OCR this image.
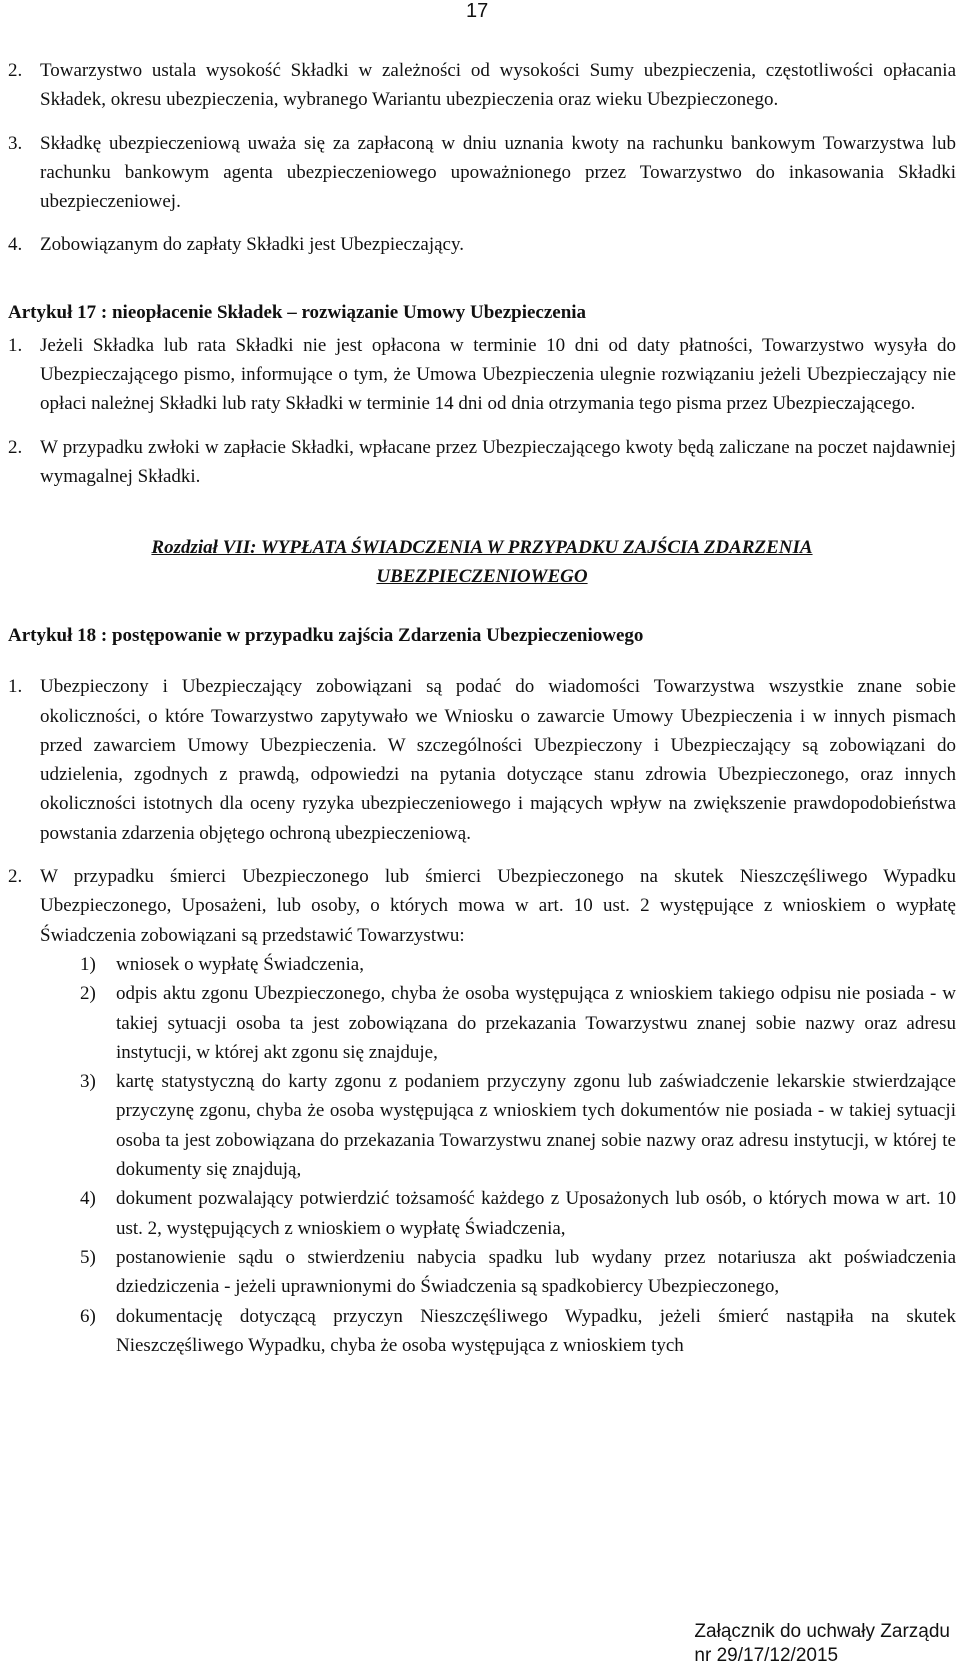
17
2. Towarzystwo ustala wysokość Składki w zależności od wysokości Sumy ubezpieczenia, częstotliwości opłacania Składek, okresu ubezpieczenia, wybranego Wariantu ubezpieczenia oraz wieku Ubezpieczonego.
3. Składkę ubezpieczeniową uważa się za zapłaconą w dniu uznania kwoty na rachunku bankowym Towarzystwa lub rachunku bankowym agenta ubezpieczeniowego upoważnionego przez Towarzystwo do inkasowania Składki ubezpieczeniowej.
4. Zobowiązanym do zapłaty Składki jest Ubezpieczający.
Artykuł 17 : nieopłacenie Składek – rozwiązanie Umowy Ubezpieczenia
1. Jeżeli Składka lub rata Składki nie jest opłacona w terminie 10 dni od daty płatności, Towarzystwo wysyła do Ubezpieczającego pismo, informujące o tym, że Umowa Ubezpieczenia ulegnie rozwiązaniu jeżeli Ubezpieczający nie opłaci należnej Składki lub raty Składki w terminie 14 dni od dnia otrzymania tego pisma przez Ubezpieczającego.
2. W przypadku zwłoki w zapłacie Składki, wpłacane przez Ubezpieczającego kwoty będą zaliczane na poczet najdawniej wymagalnej Składki.
Rozdział VII: WYPŁATA ŚWIADCZENIA W PRZYPADKU ZAJŚCIA ZDARZENIA
UBEZPIECZENIOWEGO
Artykuł 18 : postępowanie w przypadku zajścia Zdarzenia Ubezpieczeniowego
1. Ubezpieczony i Ubezpieczający zobowiązani są podać do wiadomości Towarzystwa wszystkie znane sobie okoliczności, o które Towarzystwo zapytywało we Wniosku o zawarcie Umowy Ubezpieczenia i w innych pismach przed zawarciem Umowy Ubezpieczenia. W szczególności Ubezpieczony i Ubezpieczający są zobowiązani do udzielenia, zgodnych z prawdą, odpowiedzi na pytania dotyczące stanu zdrowia Ubezpieczonego, oraz innych okoliczności istotnych dla oceny ryzyka ubezpieczeniowego i mających wpływ na zwiększenie prawdopodobieństwa powstania zdarzenia objętego ochroną ubezpieczeniową.
2. W przypadku śmierci Ubezpieczonego lub śmierci Ubezpieczonego na skutek Nieszczęśliwego Wypadku Ubezpieczonego, Uposażeni, lub osoby, o których mowa w art. 10 ust. 2 występujące z wnioskiem o wypłatę Świadczenia zobowiązani są przedstawić Towarzystwu:
1)	wniosek o wypłatę Świadczenia,
2)	odpis aktu zgonu Ubezpieczonego, chyba że osoba występująca z wnioskiem takiego odpisu nie posiada - w takiej sytuacji osoba ta jest zobowiązana do przekazania Towarzystwu znanej sobie nazwy oraz adresu instytucji, w której akt zgonu się znajduje,
3)	kartę statystyczną do karty zgonu z podaniem przyczyny zgonu lub zaświadczenie lekarskie stwierdzające przyczynę zgonu, chyba że osoba występująca z wnioskiem tych dokumentów nie posiada - w takiej sytuacji osoba ta jest zobowiązana do przekazania Towarzystwu znanej sobie nazwy oraz adresu instytucji, w której te dokumenty się znajdują,
4)	dokument pozwalający potwierdzić tożsamość każdego z Uposażonych lub osób, o których mowa w art. 10 ust. 2, występujących z wnioskiem o wypłatę Świadczenia,
5)	postanowienie sądu o stwierdzeniu nabycia spadku lub wydany przez notariusza akt poświadczenia dziedziczenia - jeżeli uprawnionymi do Świadczenia są spadkobiercy Ubezpieczonego,
6)	dokumentację dotyczącą przyczyn Nieszczęśliwego Wypadku, jeżeli śmierć nastąpiła na skutek Nieszczęśliwego Wypadku, chyba że osoba występująca z wnioskiem tych
Załącznik do uchwały Zarządu
nr 29/17/12/2015
